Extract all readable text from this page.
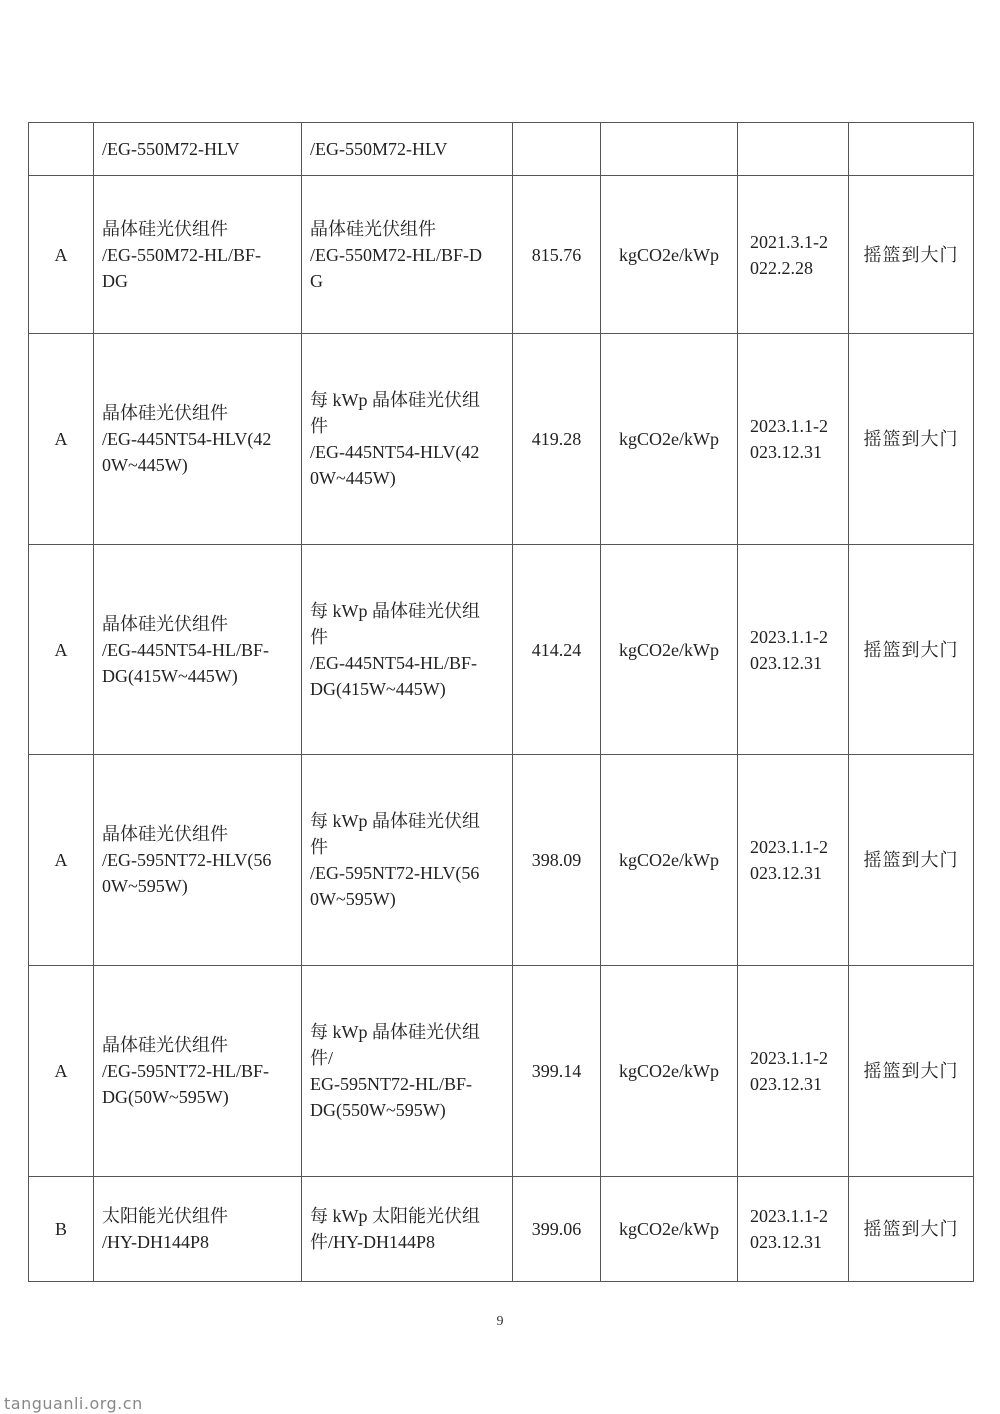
	/EG-550M72-HLV	/EG-550M72-HLV				

A	晶体硅光伏组件
/EG-550M72-HL/BF-
DG	晶体硅光伏组件
/EG-550M72-HL/BF-D
G	815.76	kgCO2e/kWp	2021.3.1-2022.2.28	摇篮到大门
A	晶体硅光伏组件
/EG-445NT54-HLV(42
0W~445W)	每 kWp 晶体硅光伏组
件
/EG-445NT54-HLV(42
0W~445W)	419.28	kgCO2e/kWp	2023.1.1-2023.12.31	摇篮到大门
A	晶体硅光伏组件
/EG-445NT54-HL/BF-
DG(415W~445W)	每 kWp 晶体硅光伏组
件
/EG-445NT54-HL/BF-
DG(415W~445W)	414.24	kgCO2e/kWp	2023.1.1-2023.12.31	摇篮到大门
A	晶体硅光伏组件
/EG-595NT72-HLV(56
0W~595W)	每 kWp 晶体硅光伏组
件
/EG-595NT72-HLV(56
0W~595W)	398.09	kgCO2e/kWp	2023.1.1-2023.12.31	摇篮到大门
A	晶体硅光伏组件
/EG-595NT72-HL/BF-
DG(50W~595W)	每 kWp 晶体硅光伏组
件/
EG-595NT72-HL/BF-
DG(550W~595W)	399.14	kgCO2e/kWp	2023.1.1-2023.12.31	摇篮到大门
B	太阳能光伏组件
/HY-DH144P8	每 kWp 太阳能光伏组
件/HY-DH144P8	399.06	kgCO2e/kWp	2023.1.1-2023.12.31	摇篮到大门
9
tanguanli.org.cn
